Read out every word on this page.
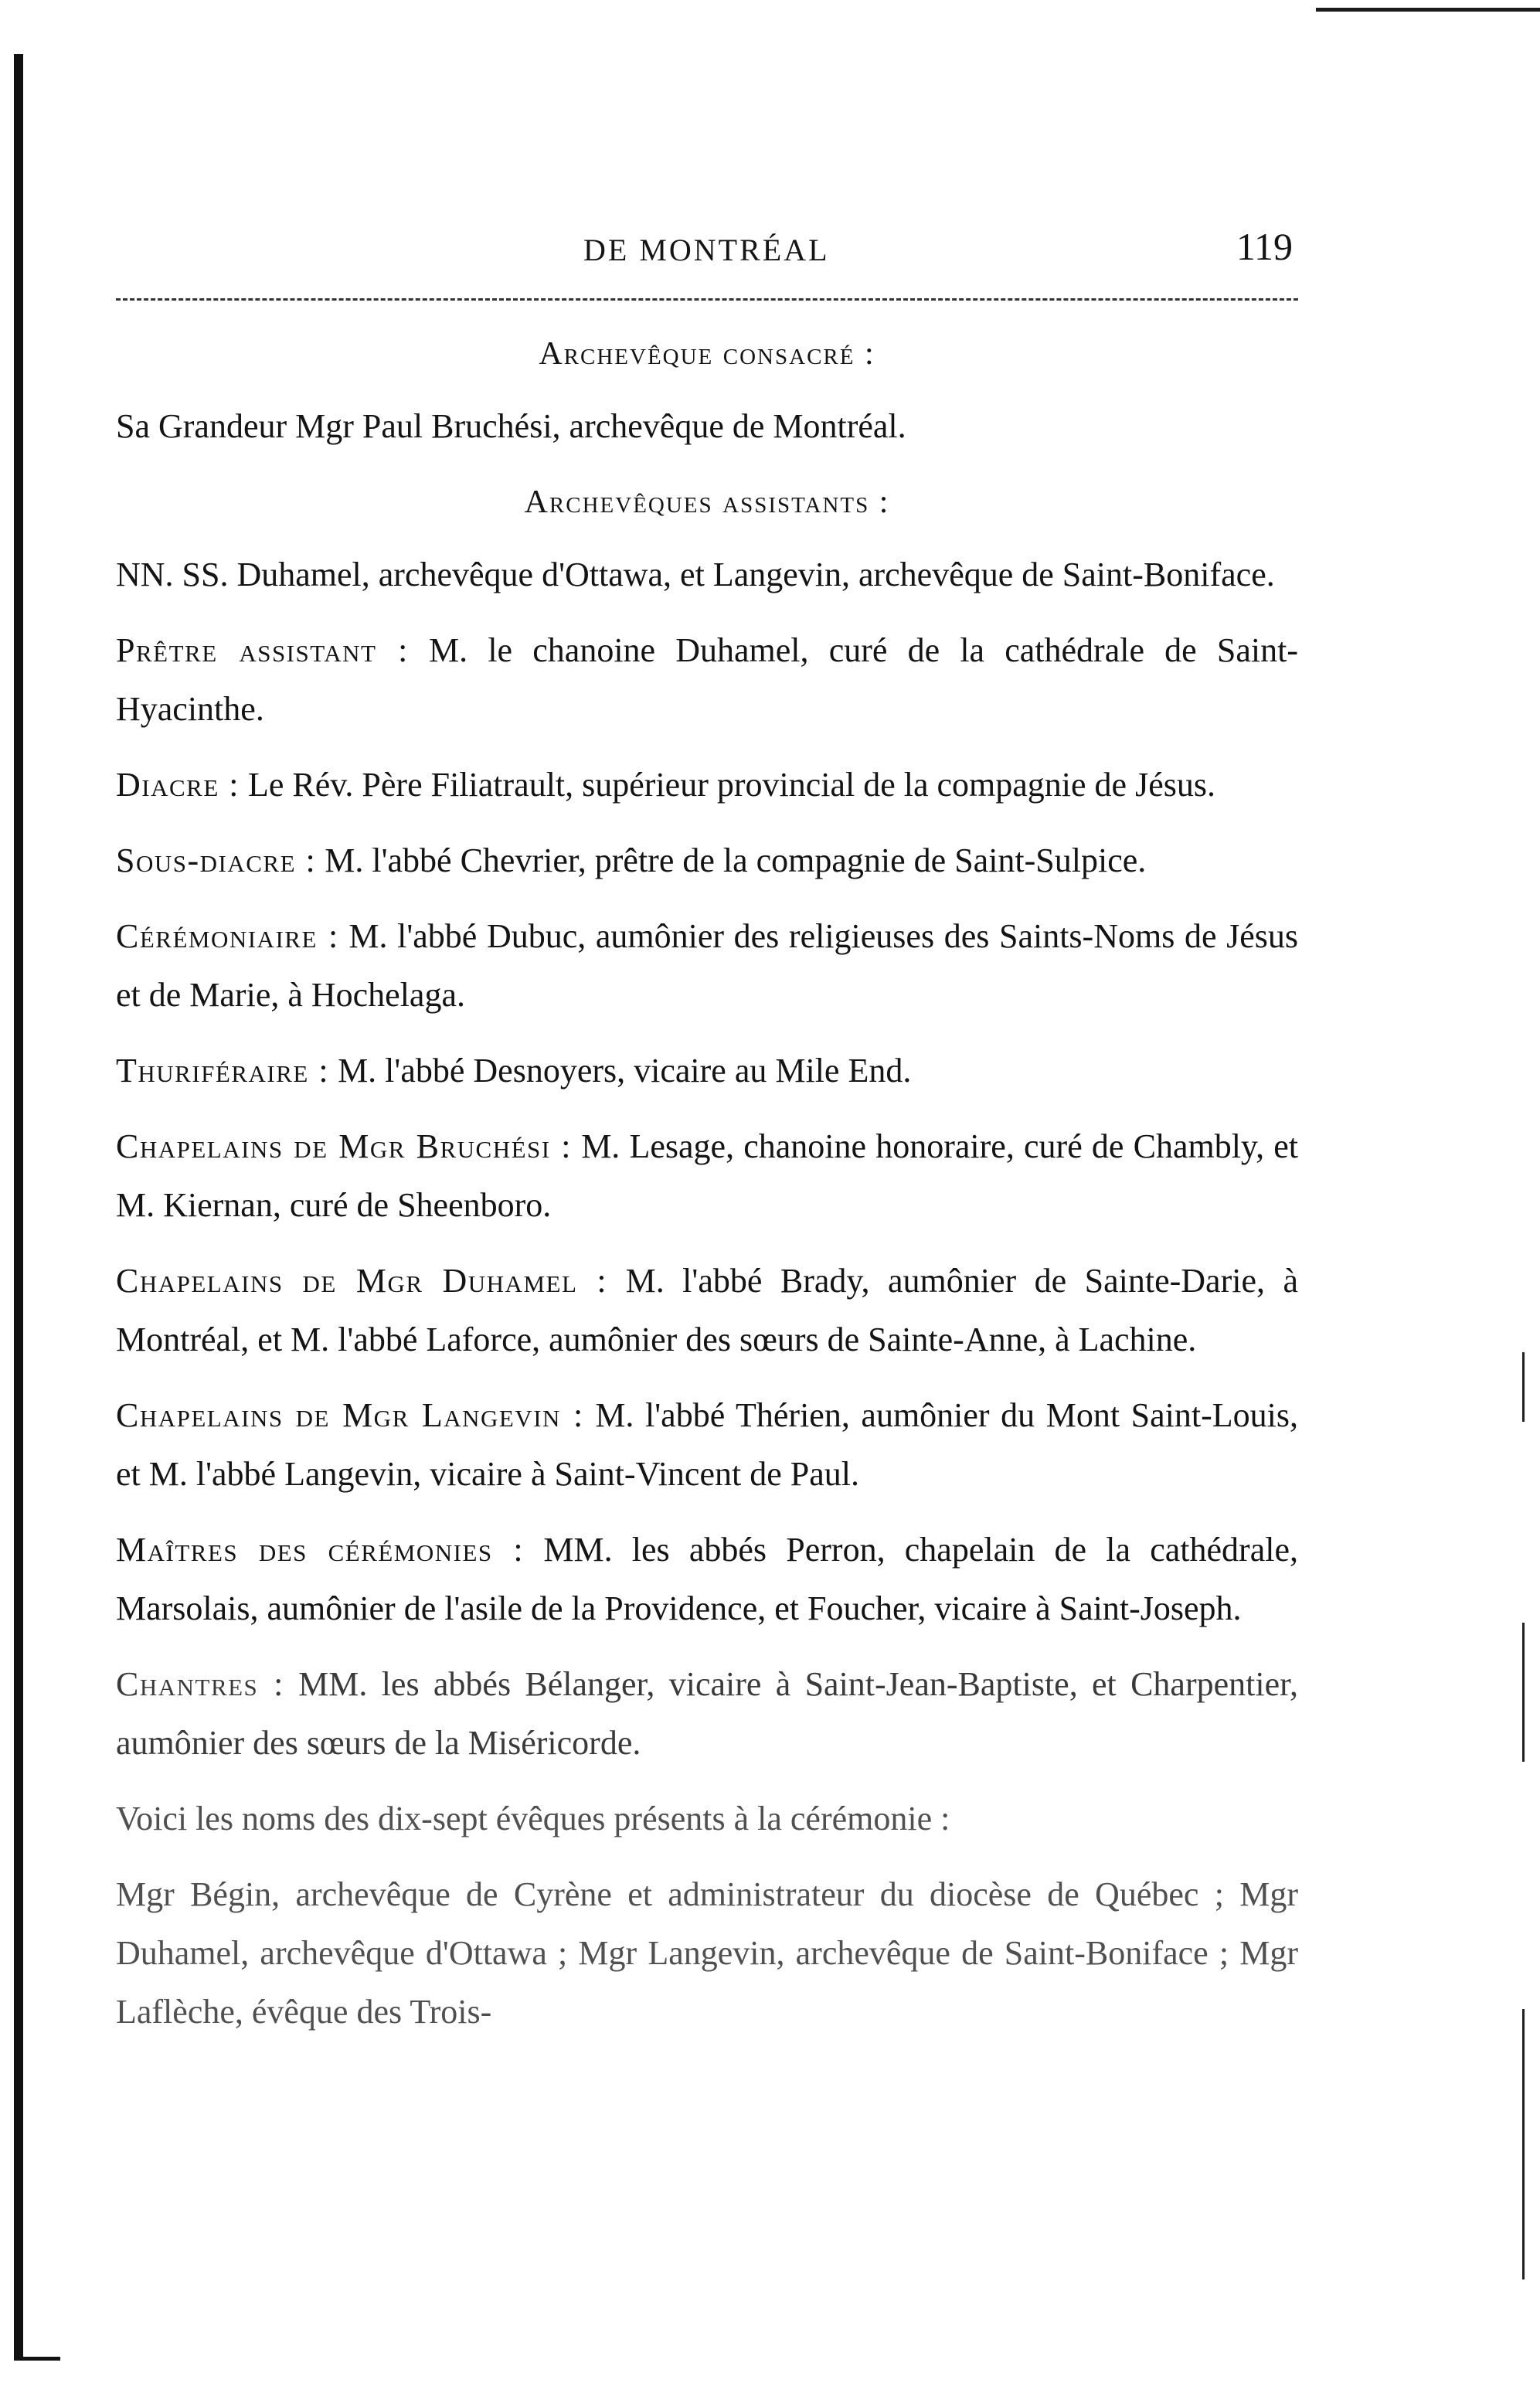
DE MONTRÉAL	119

Archevêque consacré :

Sa Grandeur Mgr Paul Bruchési, archevêque de Montréal.

Archevêques assistants :

NN. SS. Duhamel, archevêque d'Ottawa, et Langevin, archevêque de Saint-Boniface.

Prêtre assistant : M. le chanoine Duhamel, curé de la cathédrale de Saint-Hyacinthe.

Diacre : Le Rév. Père Filiatrault, supérieur provincial de la compagnie de Jésus.

Sous-diacre : M. l'abbé Chevrier, prêtre de la compagnie de Saint-Sulpice.

Cérémoniaire : M. l'abbé Dubuc, aumônier des religieuses des Saints-Noms de Jésus et de Marie, à Hochelaga.

Thuriféraire : M. l'abbé Desnoyers, vicaire au Mile End.

Chapelains de Mgr Bruchési : M. Lesage, chanoine honoraire, curé de Chambly, et M. Kiernan, curé de Sheenboro.

Chapelains de Mgr Duhamel : M. l'abbé Brady, aumônier de Sainte-Darie, à Montréal, et M. l'abbé Laforce, aumônier des sœurs de Sainte-Anne, à Lachine.

Chapelains de Mgr Langevin : M. l'abbé Thérien, aumônier du Mont Saint-Louis, et M. l'abbé Langevin, vicaire à Saint-Vincent de Paul.

Maîtres des cérémonies : MM. les abbés Perron, chapelain de la cathédrale, Marsolais, aumônier de l'asile de la Providence, et Foucher, vicaire à Saint-Joseph.

Chantres : MM. les abbés Bélanger, vicaire à Saint-Jean-Baptiste, et Charpentier, aumônier des sœurs de la Miséricorde.

Voici les noms des dix-sept évêques présents à la cérémonie :

Mgr Bégin, archevêque de Cyrène et administrateur du diocèse de Québec ; Mgr Duhamel, archevêque d'Ottawa ; Mgr Langevin, archevêque de Saint-Boniface ; Mgr Laflèche, évêque des Trois-
